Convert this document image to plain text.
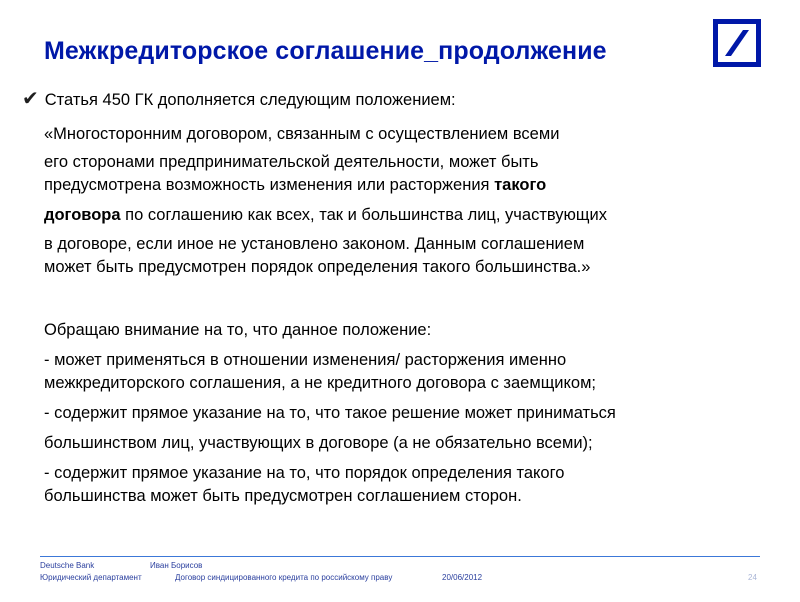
Межкредиторское соглашение_продолжение
✔ Статья 450 ГК дополняется следующим положением:
«Многосторонним договором, связанным с осуществлением всеми
его сторонами предпринимательской деятельности, может быть
предусмотрена возможность изменения или расторжения такого
договора по соглашению как всех, так и большинства лиц, участвующих
в договоре, если иное не установлено законом. Данным соглашением
может быть предусмотрен порядок определения такого большинства.»
Обращаю внимание на то, что данное положение:
- может применяться в отношении изменения/ расторжения именно
межкредиторского соглашения, а не кредитного договора с заемщиком;
- содержит прямое указание на то, что такое решение может приниматься
большинством лиц, участвующих в договоре (а не обязательно всеми);
- содержит прямое указание на то, что порядок определения такого
большинства может быть предусмотрен соглашением сторон.
Deutsche Bank	Иван Борисов
Юридический департамент	Договор синдицированного кредита по российскому праву	20/06/2012	24
